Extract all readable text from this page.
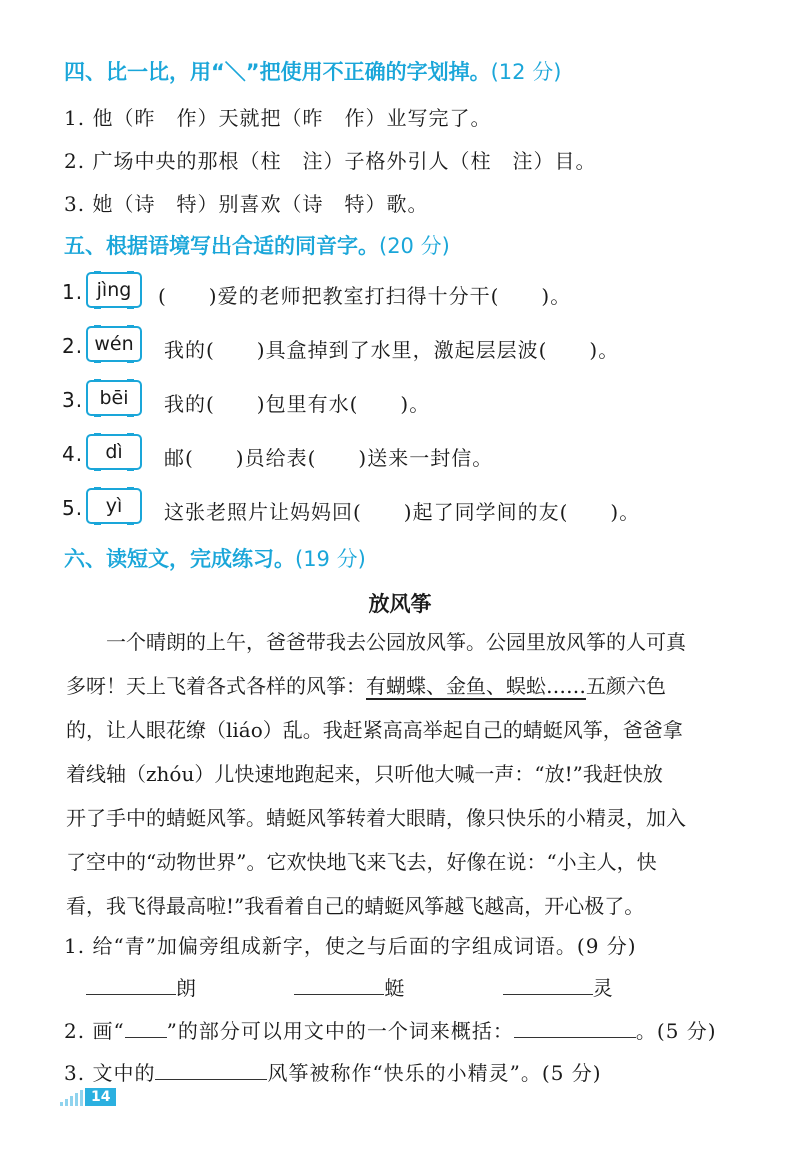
四、比一比，用“＼”把使用不正确的字划掉。(12 分)
1. 他（昨　作）天就把（昨　作）业写完了。
2. 广场中央的那根（柱　注）子格外引人（柱　注）目。
3. 她（诗　特）别喜欢（诗　特）歌。
五、根据语境写出合适的同音字。(20 分)
1. jìng	(　　)爱的老师把教室打扫得十分干(　　)。
2. wén	我的(　　)具盒掉到了水里，激起层层波(　　)。
3. bēi	我的(　　)包里有水(　　)。
4.	dì	邮(　　)员给表(　　)送来一封信。
5.	yì	这张老照片让妈妈回(　　)起了同学间的友(　　)。
六、读短文，完成练习。(19 分)
放风筝
　　一个晴朗的上午，爸爸带我去公园放风筝。公园里放风筝的人可真
多呀！天上飞着各式各样的风筝：有蝴蝶、金鱼、蜈蚣……五颜六色
的，让人眼花缭（liáo）乱。我赶紧高高举起自己的蜻蜓风筝，爸爸拿
着线轴（zhóu）儿快速地跑起来，只听他大喊一声：“放!”我赶快放
开了手中的蜻蜓风筝。蜻蜓风筝转着大眼睛，像只快乐的小精灵，加入
了空中的“动物世界”。它欢快地飞来飞去，好像在说：“小主人，快
看，我飞得最高啦!”我看着自己的蜻蜓风筝越飞越高，开心极了。
1. 给“青”加偏旁组成新字，使之与后面的字组成词语。(9 分)
朗	蜓	灵
2. 画“ ”的部分可以用文中的一个词来概括：	。(5 分)
3. 文中的	风筝被称作“快乐的小精灵”。(5 分)
14
